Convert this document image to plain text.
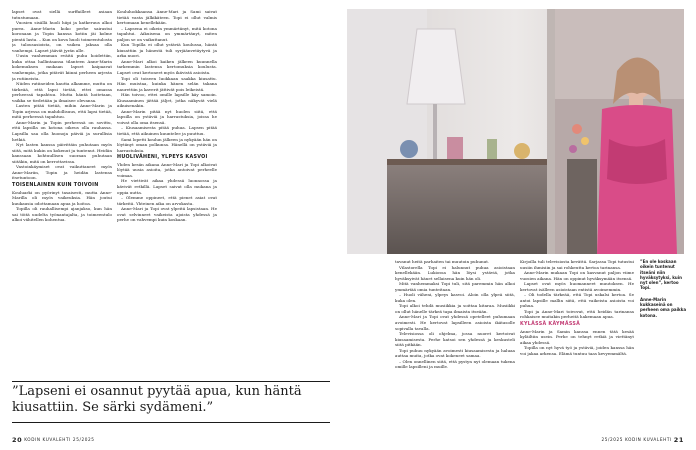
lapset ovat siellä surffailleet asiaan tutustumaan.

Vuosien sisällä huoli hiipi ja katkeruus alkoi purra. Anne-Marin koko perhe sairastui koronaan ja Topin kanssa kotiin jäi kolme pientä lasta. – Kun on kova huoli toimeentulosta ja talousasioista, on vaikea jaksaa olla vanhempi. Lapset jäävät jyrän alle.

Uusin vanhemman eväitä puhu hoidettiin, kuka ottaa hallintaansa tilanteen Anne-Marin kokemuksen mukaan lapset kaipaavat vanhempia, jotka pitävät kiinni perheen arjesta ja rutiineista.

Niiden rutiineiden kautta alkamme, mutta on tärkeää, että lapsi tietää, ettei omassa perheessä tapahtuu. Mutta häntä hoitetaan, vaikka se tiedetään ja ilmaisee olevansa.

Lasten pitää tietää, mihin Anne-Marin ja Topin arjessa on mahdollisuus, että lapsi tietää, mitä perheessä tapahtuu.

Anne-Marin ja Topin perheessä on sovittu, että lapsilla on kotona oikeus olla rauhassa. Lapsilla saa olla huonoja päiviä ja surullisia hetkiä.

Nyt lasten kanssa päivittäin puhutaan myös siitä, mitä kukin on kokenut ja tuntenut. Heidän kanssaan kohtuullisen suoraan puhutaan siitäkin, mitä on kerrottavissa.

Vastoinkäymiset ovat vaikuttaneet myös Anne-Mariin, Topin ja heidän lastensa itsetuntoon.

TOISENLAINEN KUIN TOIVOIN

Kouluarki on pyörinyt tasaisesti, mutta Anne-Marilla oli myös vaikeuksia. Hän joutui kuukausia odottamaan apua ja hoitoa.

Topilla oli rauhallisempi ajanjakso, kun hän sai töitä uudelta työnantajalta, ja toimeentulo alkoi vähitellen kohentua.

Koululuokkaansa Anne-Mari ja Sami saivat tietää vasta jälkikäteen. Topi ei ollut valmis kertomaan kenellekään.

– Lapsena ei oikein ymmärtänyt, mitä kotona tapahtui. Aikuisena on ymmärtänyt, miten paljon se on vaikuttanut.

Kun Topilla ei ollut ystäviä koulussa, häntä kiusattiin ja hänestä tuli syrjäänvetäytyvä ja arka nuori.

Anne-Mari alkoi kaiken jälkeen kuunnella tarkemmin lastensa kertomuksia koulusta. Lapset ovat kertoneet myös ikävistä asioista.

Topi oli toiseen luokkaan saakka kiusattu. Hän muistaa, kuinka hänen selän takana naurettiin ja kaverit jättivät pois leikeistä.

Hän toivoo, ettei omille lapsille käy samoin. Kiusaaminen jättää jäljet, jotka näkyvät vielä aikuisenakin.

Anne-Marin pitää nyt huolen siitä, että lapsilla on ystäviä ja harrastuksia, joissa he voivat olla oma itsensä.

– Kiusaamisesta pitää puhua. Lapsen pitää tietää, että aikuinen kuuntelee ja puuttuu.

Sami lopetti koulun jälkeen ja nykyään hän on löytänyt oman polkunsa. Hänellä on ystäviä ja harrastuksia.

HUOLIVÄHENI, YLPEYS KASVOI

Yhden kesän aikana Anne-Mari ja Topi alkoivat löytää uusia asioita, jotka antoivat perheelle voimaa.

He viettivät aikaa yhdessä luonnossa ja kävivät retkillä. Lapset saivat olla mukana ja oppia uutta.

– Olemme oppineet, että pienet asiat ovat tärkeitä. Yhteinen aika on arvokasta.

Anne-Mari ja Topi ovat ylpeitä lapsistaan. He ovat selvinneet vaikeista ajoista yhdessä ja perhe on vahvempi kuin koskaan.

”Lapseni ei osannut pyytää apua, kun häntä kiusattiin. Se särki sydämeni.”
20 KODIN KUVALEHTI 25/2025

tavanut heitä parhaiten tai muutoin puhunut.

Vilastorella Topi ei halunnut puhua asioistaan kenellekään. Lukiossa hän löysi ystäviä, jotka hyväksyivät hänet sellaisena kuin hän oli.

Mitä vanhemmaksi Topi tuli, sitä paremmin hän alkoi ymmärtää omia tunteitaan.

– Huoli väheni, ylpeys kasvoi. Aloin olla ylpeä siitä, kuka olen.

Topi alkoi tehdä musiikkia ja soittaa kitaraa. Musiikki on ollut hänelle tärkeä tapa ilmaista itseään.

Anne-Mari ja Topi ovat yhdessä opetelleet puhumaan avoimesti. He kertovat lapsilleen asioista ikätasolle sopivalla tavalla.

Televisiossa oli ohjelma, jossa nuoret kertoivat kiusaamisesta. Perhe katsoi sen yhdessä ja keskusteli siitä pitkään.

Topi puhuu nykyään avoimesti kiusaamisesta ja haluaa auttaa muita, jotka ovat kokeneet samaa.

– Olen onnellinen siitä, että pystyn nyt olemaan tukena omille lapsilleni ja muille.

Kirjoilla tuli televisiosta kevättä. Sarjassa Topi tutustui uusiin ihmisiin ja sai rohkeutta kertoa tarinansa.

Anne-Marin mukaan Topi on kasvanut paljon viime vuosien aikana. Hän on oppinut hyväksymään itsensä.

Lapset ovat myös huomanneet muutoksen. He kertovat isälleen asioistaan entistä avoimemmin.

– Oli todella tärkeää, että Topi uskalsi kertoa. Se antoi lapsille mallin siitä, että vaikeista asioista voi puhua.

Topi ja Anne-Mari toivovat, että heidän tarinansa rohkaisee muitakin perheitä hakemaan apua.

KYLÄSSÄ KÄYMÄSSÄ

Anne-Marin ja Samin kanssa ennen tätä kesää kyläiltiin usein. Perhe on tehnyt retkiä ja viettänyt aikaa yhdessä.

Topilla on nyt hyvä työ ja ystäviä, joiden kanssa hän voi jakaa arkensa. Elämä tuntuu taas kevyemmältä.

”En ole koskaan oikein tuntenut itseäni niin hyväksytyksi, kuin nyt olen”, kertoo Topi.

Anne-Marin kukkaseinä on perheen oma paikka kotona.

25/2025 KODIN KUVALEHTI 21
